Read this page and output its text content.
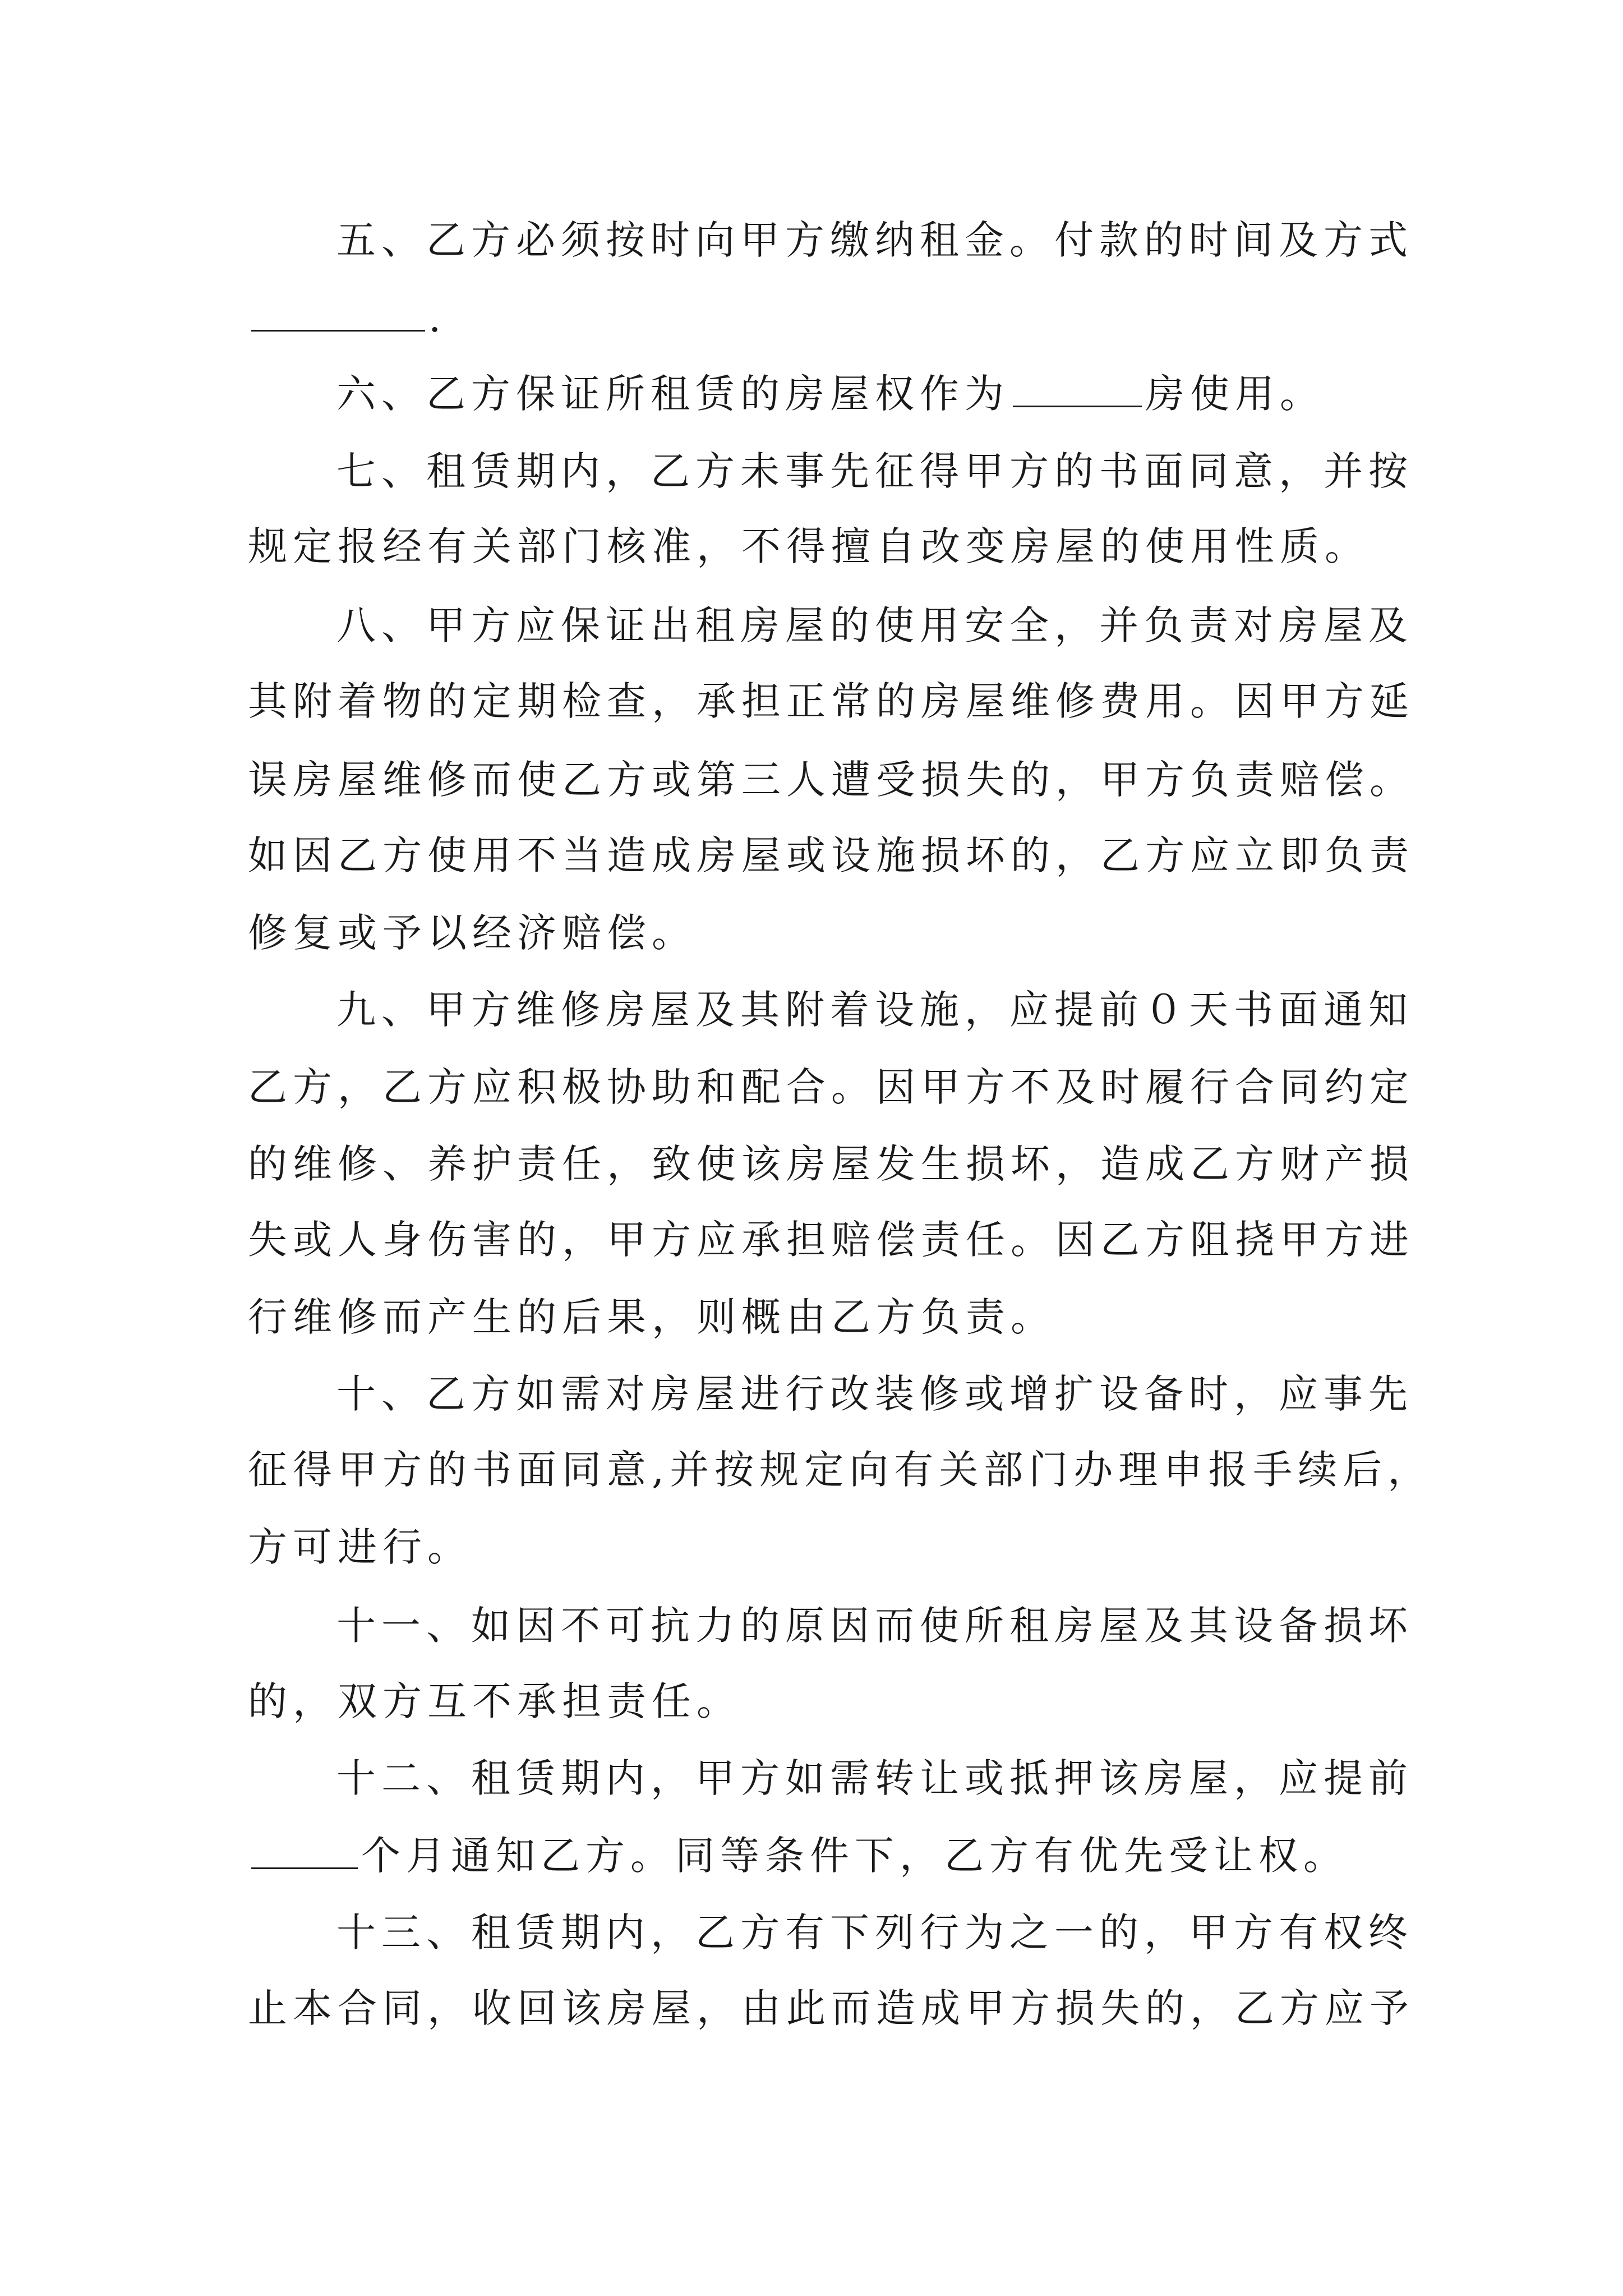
五、乙方必须按时向甲方缴纳租金。付款的时间及方式
.
六、乙方保证所租赁的房屋权作为	房使用。
七、租赁期内，乙方未事先征得甲方的书面同意，并按
规定报经有关部门核准，不得擅自改变房屋的使用性质。
八、甲方应保证出租房屋的使用安全，并负责对房屋及
其附着物的定期检查，承担正常的房屋维修费用。因甲方延
误房屋维修而使乙方或第三人遭受损失的，甲方负责赔偿。
如因乙方使用不当造成房屋或设施损坏的，乙方应立即负责
修复或予以经济赔偿。
九、甲方维修房屋及其附着设施，应提前０天书面通知
乙方，乙方应积极协助和配合。因甲方不及时履行合同约定
的维修、养护责任，致使该房屋发生损坏，造成乙方财产损
失或人身伤害的，甲方应承担赔偿责任。因乙方阻挠甲方进
行维修而产生的后果，则概由乙方负责。
十、乙方如需对房屋进行改装修或增扩设备时，应事先
征得甲方的书面同意,并按规定向有关部门办理申报手续后，
方可进行。
十一、如因不可抗力的原因而使所租房屋及其设备损坏
的，双方互不承担责任。
十二、租赁期内，甲方如需转让或抵押该房屋，应提前
个月通知乙方。同等条件下，乙方有优先受让权。
十三、租赁期内，乙方有下列行为之一的，甲方有权终
止本合同，收回该房屋，由此而造成甲方损失的，乙方应予
